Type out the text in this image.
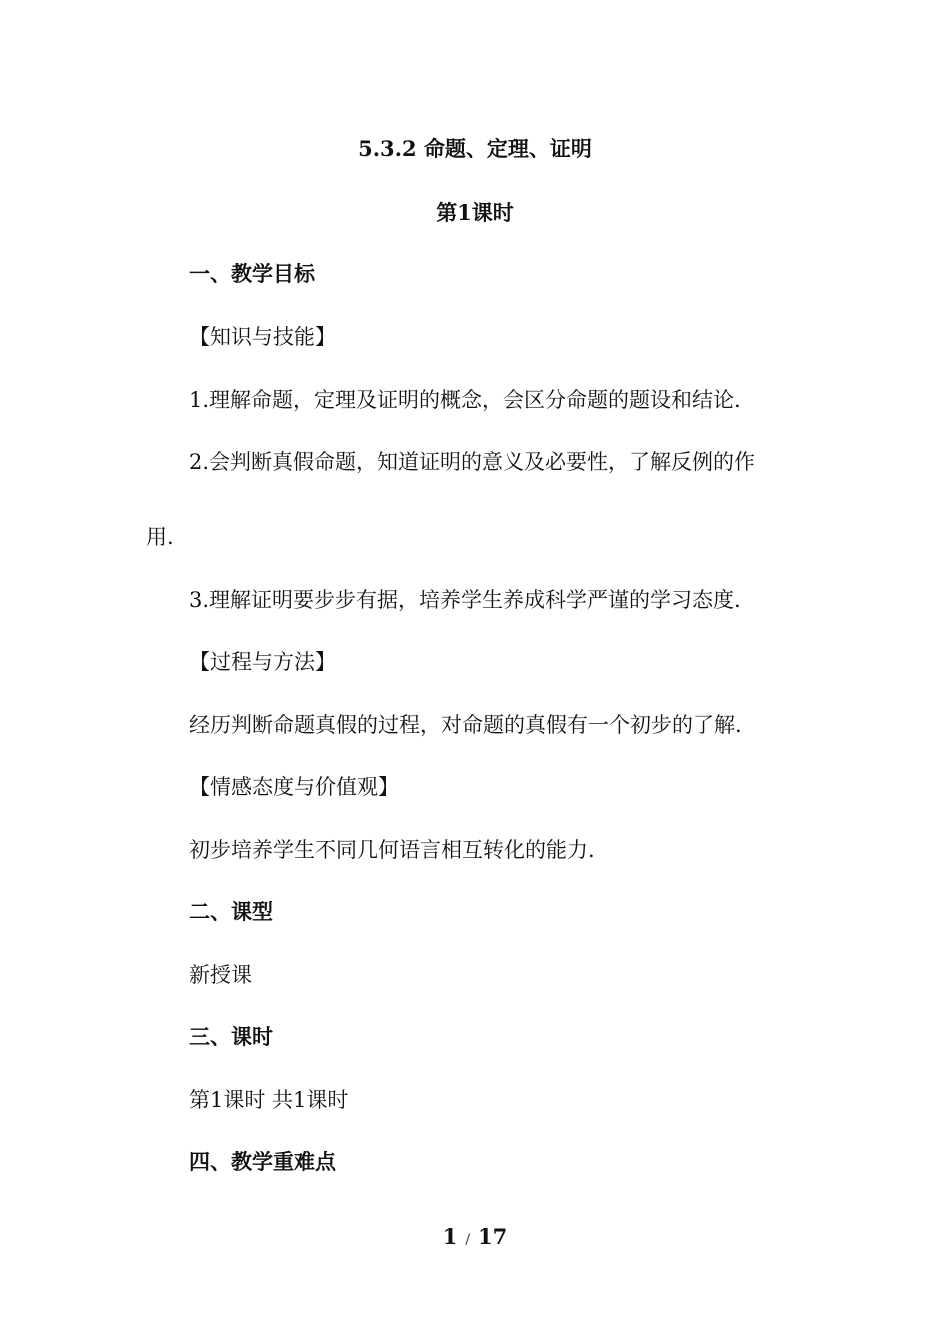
5.3.2 命题、定理、证明
第1课时
一、教学目标
【知识与技能】
1.理解命题，定理及证明的概念，会区分命题的题设和结论.
2.会判断真假命题，知道证明的意义及必要性，了解反例的作
用.
3.理解证明要步步有据，培养学生养成科学严谨的学习态度.
【过程与方法】
经历判断命题真假的过程，对命题的真假有一个初步的了解.
【情感态度与价值观】
初步培养学生不同几何语言相互转化的能力.
二、课型
新授课
三、课时
第1课时 共1课时
四、教学重难点
1 / 17
